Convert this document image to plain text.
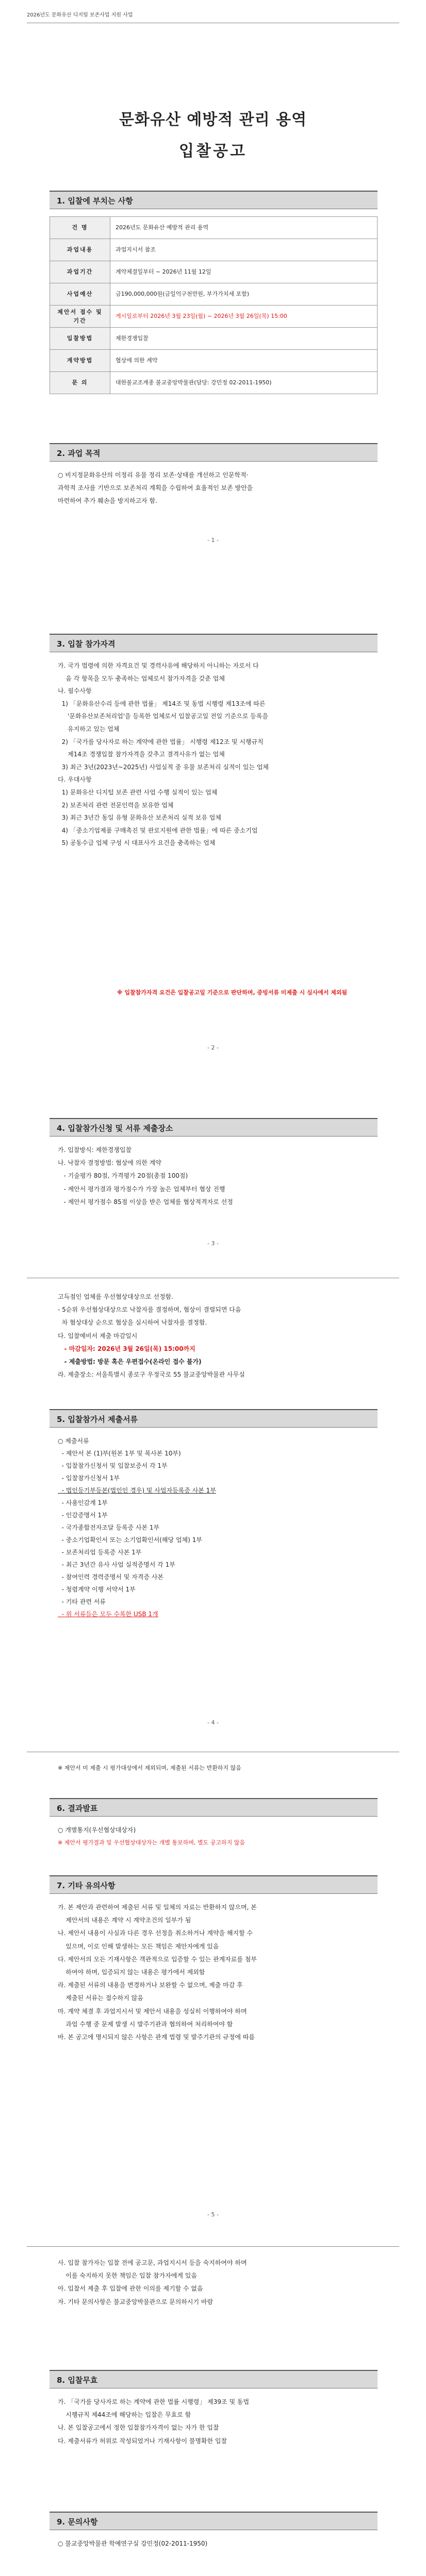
2026년도 문화유산 디지털 보존사업 지원 사업
문화유산 예방적 관리 용역
입찰공고
1. 입찰에 부치는 사항
건 명	2026년도 문화유산 예방적 관리 용역
과업내용	과업지시서 참조
과업기간	계약체결일부터 ~ 2026년 11월 12일
사업예산	금190,000,000원(금일억구천만원, 부가가치세 포함)
제안서 접수 및 기간	게시일로부터 2026년 3월 23일(월) ~ 2026년 3월 26일(목) 15:00
입찰방법	제한경쟁입찰
계약방법	협상에 의한 계약
문 의	대한불교조계종 불교중앙박물관(담당: 강민정 02-2011-1950)
2. 과업 목적
○ 비지정문화유산의 미정리 유물 정리 보존·상태를 개선하고 인문학적·
과학적 조사를 기반으로 보존처리 계획을 수립하여 효율적인 보존 방안을
마련하여 추가 훼손을 방지하고자 함.
- 1 -
3. 입찰 참가자격
가. 국가 법령에 의한 자격요건 및 경력사유에 해당하지 아니하는 자로서 다
음 각 항목을 모두 충족하는 업체로서 참가자격을 갖춘 업체
나. 필수사항
1) 「문화유산수리 등에 관한 법률」 제14조 및 동법 시행령 제13조에 따른
'문화유산보존처리업'을 등록한 업체로서 입찰공고일 전일 기준으로 등록을
유지하고 있는 업체
2) 「국가를 당사자로 하는 계약에 관한 법률」 시행령 제12조 및 시행규칙
제14조 경쟁입찰 참가자격을 갖추고 결격사유가 없는 업체
3) 최근 3년(2023년~2025년) 사업실적 중 유물 보존처리 실적이 있는 업체
다. 우대사항
1) 문화유산 디지털 보존 관련 사업 수행 실적이 있는 업체
2) 보존처리 관련 전문인력을 보유한 업체
3) 최근 3년간 동일 유형 문화유산 보존처리 실적 보유 업체
4) 「중소기업제품 구매촉진 및 판로지원에 관한 법률」에 따른 중소기업
5) 공동수급 업체 구성 시 대표사가 요건을 충족하는 업체
※ 입찰참가자격 요건은 입찰공고일 기준으로 판단하며, 증빙서류 미제출 시 심사에서 제외됨
- 2 -
4. 입찰참가신청 및 서류 제출장소
가. 입찰방식: 제한경쟁입찰
나. 낙찰자 결정방법: 협상에 의한 계약
- 기술평가 80점, 가격평가 20점(총점 100점)
- 제안서 평가결과 평가점수가 가장 높은 업체부터 협상 진행
- 제안서 평가점수 85점 이상을 받은 업체를 협상적격자로 선정
- 3 -
고득점인 업체를 우선협상대상으로 선정함.
- 5순위 우선협상대상으로 낙찰자를 결정하며, 협상이 결렬되면 다음
차 협상대상 순으로 협상을 실시하여 낙찰자를 결정함.
다. 입찰예비서 제출 마감일시
- 마감일자: 2026년 3월 26일(목) 15:00까지
- 제출방법: 방문 혹은 우편접수(온라인 접수 불가)
라. 제출장소: 서울특별시 종로구 우정국로 55 불교중앙박물관 사무실
5. 입찰참가서 제출서류
○ 제출서류
- 제안서 본 (1)부(원본 1부 및 복사본 10부)
- 입찰참가신청서 및 입찰보증서 각 1부
- 입찰참가신청서 1부
- 법인등기부등본(법인인 경우) 및 사업자등록증 사본 1부
- 사용인감계 1부
- 인감증명서 1부
- 국가종합전자조달 등록증 사본 1부
- 중소기업확인서 또는 소기업확인서(해당 업체) 1부
- 보존처리업 등록증 사본 1부
- 최근 3년간 유사 사업 실적증명서 각 1부
- 참여인력 경력증명서 및 자격증 사본
- 청렴계약 이행 서약서 1부
- 기타 관련 서류
- 위 서류들은 모두 수록한 USB 1개
- 4 -
※ 제안서 미 제출 시 평가대상에서 제외되며, 제출된 서류는 반환하지 않음
6. 결과발표
○ 개별통지(우선협상대상자)
※ 제안서 평가결과 및 우선협상대상자는 개별 통보하며, 별도 공고하지 않음
7. 기타 유의사항
가. 본 제안과 관련하여 제출된 서류 및 일체의 자료는 반환하지 않으며, 본
제안서의 내용은 계약 시 계약조건의 일부가 됨
나. 제안서 내용이 사실과 다른 경우 선정을 취소하거나 계약을 해지할 수
있으며, 이로 인해 발생하는 모든 책임은 제안자에게 있음
다. 제안서의 모든 기재사항은 객관적으로 입증할 수 있는 관계자료를 첨부
하여야 하며, 입증되지 않는 내용은 평가에서 제외함
라. 제출된 서류의 내용을 변경하거나 보완할 수 없으며, 제출 마감 후
제출된 서류는 접수하지 않음
마. 계약 체결 후 과업지시서 및 제안서 내용을 성실히 이행하여야 하며
과업 수행 중 문제 발생 시 발주기관과 협의하여 처리하여야 함
바. 본 공고에 명시되지 않은 사항은 관계 법령 및 발주기관의 규정에 따름
- 5 -
사. 입찰 참가자는 입찰 전에 공고문, 과업지시서 등을 숙지하여야 하며
이를 숙지하지 못한 책임은 입찰 참가자에게 있음
아. 입찰서 제출 후 입찰에 관한 이의를 제기할 수 없음
자. 기타 문의사항은 불교중앙박물관으로 문의하시기 바람
8. 입찰무효
가. 「국가를 당사자로 하는 계약에 관한 법률 시행령」 제39조 및 동법
시행규칙 제44조에 해당하는 입찰은 무효로 함
나. 본 입찰공고에서 정한 입찰참가자격이 없는 자가 한 입찰
다. 제출서류가 허위로 작성되었거나 기재사항이 불명확한 입찰
9. 문의사항
○ 불교중앙박물관 학예연구실 강민정(02-2011-1950)
